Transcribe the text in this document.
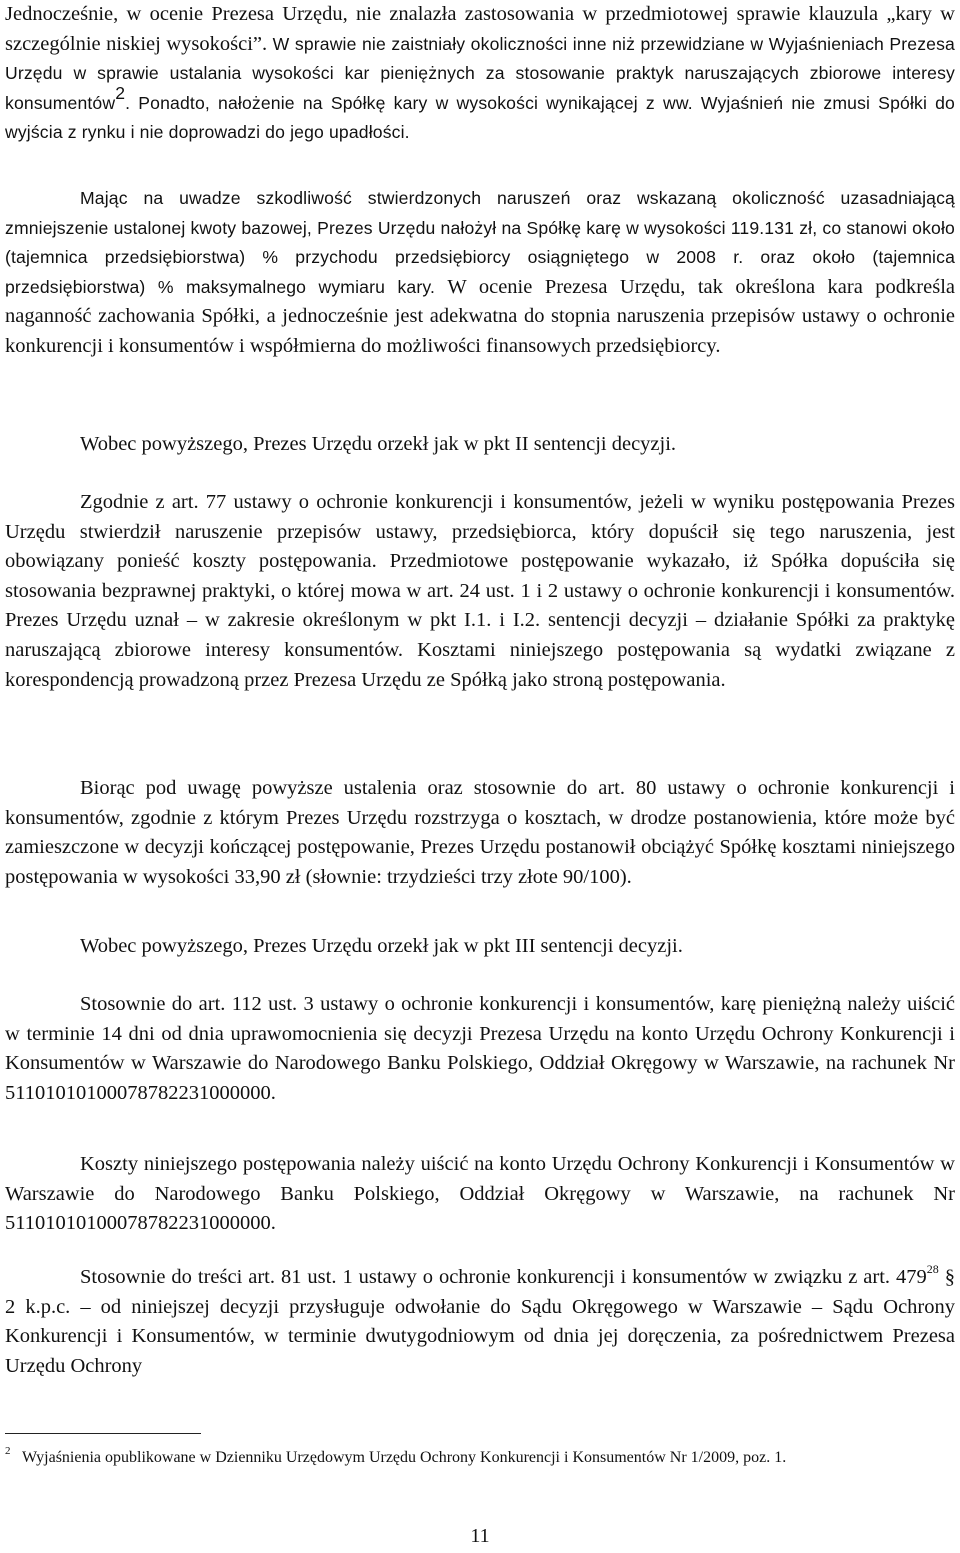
Jednocześnie, w ocenie Prezesa Urzędu, nie znalazła zastosowania w przedmiotowej sprawie klauzula „kary w szczególnie niskiej wysokości”. W sprawie nie zaistniały okoliczności inne niż przewidziane w Wyjaśnieniach Prezesa Urzędu w sprawie ustalania wysokości kar pieniężnych za stosowanie praktyk naruszających zbiorowe interesy konsumentów$^2$. Ponadto, nałożenie na Spółkę kary w wysokości wynikającej z ww. Wyjaśnień nie zmusi Spółki do wyjścia z rynku i nie doprowadzi do jego upadłości.

Mając na uwadze szkodliwość stwierdzonych naruszeń oraz wskazaną okoliczność uzasadniającą zmniejszenie ustalonej kwoty bazowej, Prezes Urzędu nałożył na Spółkę karę w wysokości 119.131 zł, co stanowi około (tajemnica przedsiębiorstwa) % przychodu przedsiębiorcy osiągniętego w 2008 r. oraz około (tajemnica przedsiębiorstwa) % maksymalnego wymiaru kary. W ocenie Prezesa Urzędu, tak określona kara podkreśla naganność zachowania Spółki, a jednocześnie jest adekwatna do stopnia naruszenia przepisów ustawy o ochronie konkurencji i konsumentów i współmierna do możliwości finansowych przedsiębiorcy.

Wobec powyższego, Prezes Urzędu orzekł jak w pkt II sentencji decyzji.

Zgodnie z art. 77 ustawy o ochronie konkurencji i konsumentów, jeżeli w wyniku postępowania Prezes Urzędu stwierdził naruszenie przepisów ustawy, przedsiębiorca, który dopuścił się tego naruszenia, jest obowiązany ponieść koszty postępowania. Przedmiotowe postępowanie wykazało, iż Spółka dopuściła się stosowania bezprawnej praktyki, o której mowa w art. 24 ust. 1 i 2 ustawy o ochronie konkurencji i konsumentów. Prezes Urzędu uznał – w zakresie określonym w pkt I.1. i I.2. sentencji decyzji – działanie Spółki za praktykę naruszającą zbiorowe interesy konsumentów. Kosztami niniejszego postępowania są wydatki związane z korespondencją prowadzoną przez Prezesa Urzędu ze Spółką jako stroną postępowania.

Biorąc pod uwagę powyższe ustalenia oraz stosownie do art. 80 ustawy o ochronie konkurencji i konsumentów, zgodnie z którym Prezes Urzędu rozstrzyga o kosztach, w drodze postanowienia, które może być zamieszczone w decyzji kończącej postępowanie, Prezes Urzędu postanowił obciążyć Spółkę kosztami niniejszego postępowania w wysokości 33,90 zł (słownie: trzydzieści trzy złote 90/100).

Wobec powyższego, Prezes Urzędu orzekł jak w pkt III sentencji decyzji.

Stosownie do art. 112 ust. 3 ustawy o ochronie konkurencji i konsumentów, karę pieniężną należy uiścić w terminie 14 dni od dnia uprawomocnienia się decyzji Prezesa Urzędu na konto Urzędu Ochrony Konkurencji i Konsumentów w Warszawie do Narodowego Banku Polskiego, Oddział Okręgowy w Warszawie, na rachunek Nr 51101010100078782231000000.

Koszty niniejszego postępowania należy uiścić na konto Urzędu Ochrony Konkurencji i Konsumentów w Warszawie do Narodowego Banku Polskiego, Oddział Okręgowy w Warszawie, na rachunek Nr 51101010100078782231000000.

Stosownie do treści art. 81 ust. 1 ustawy o ochronie konkurencji i konsumentów w związku z art. $479^{28}$ § 2 k.p.c. – od niniejszej decyzji przysługuje odwołanie do Sądu Okręgowego w Warszawie – Sądu Ochrony Konkurencji i Konsumentów, w terminie dwutygodniowym od dnia jej doręczenia, za pośrednictwem Prezesa Urzędu Ochrony

2 Wyjaśnienia opublikowane w Dzienniku Urzędowym Urzędu Ochrony Konkurencji i Konsumentów Nr 1/2009, poz. 1.
11
